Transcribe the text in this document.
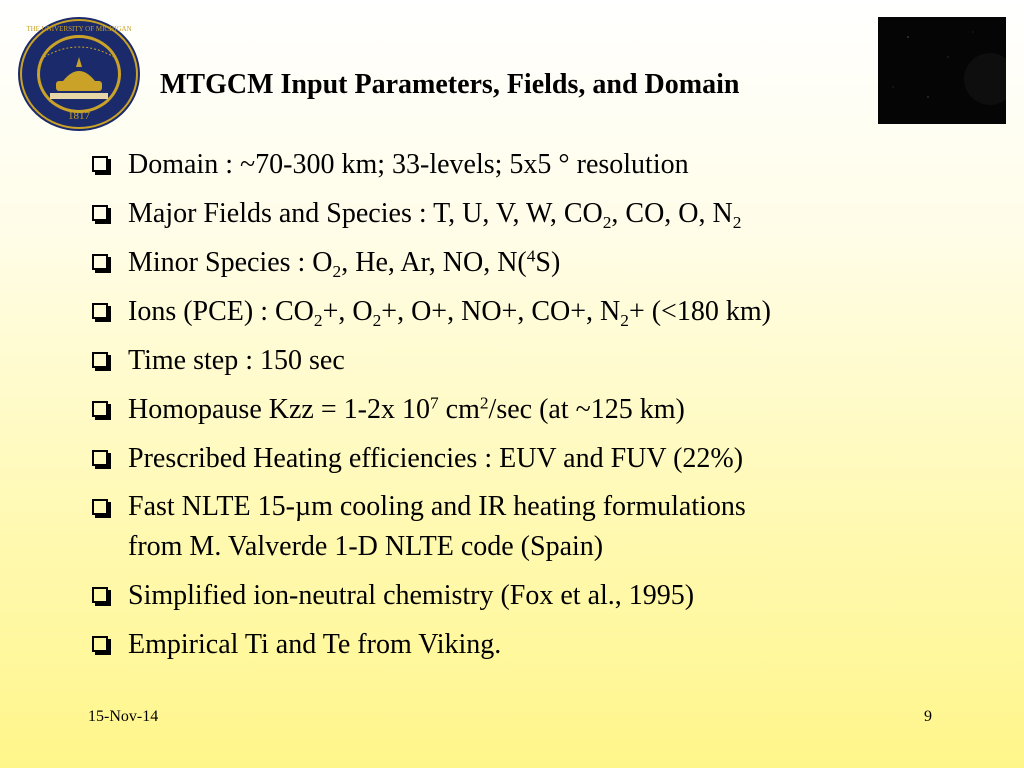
1817
THE UNIVERSITY OF MICHIGAN
MTGCM Input Parameters, Fields, and Domain
Domain : ~70-300 km; 33-levels; 5x5 ° resolution
Major Fields and Species : T, U, V, W, $CO_2$, CO, O, $N_2$
Minor Species : $O_2$, He, Ar, NO, N($^4$S)
Ions (PCE) : $CO_2+$, $O_2+$, O+, NO+, CO+, $N_2+ (<180$ km)
Time step : 150 sec
Homopause Kzz = 1-2x $10^7$ $cm^2/\sec$ (at ~125 km)
Prescribed Heating efficiencies : EUV and FUV (22%)
Fast NLTE 15-µm cooling and IR heating formulations
from M. Valverde 1-D NLTE code (Spain)
Simplified ion-neutral chemistry (Fox et al., 1995)
Empirical Ti and Te from Viking.
15-Nov-14	9
